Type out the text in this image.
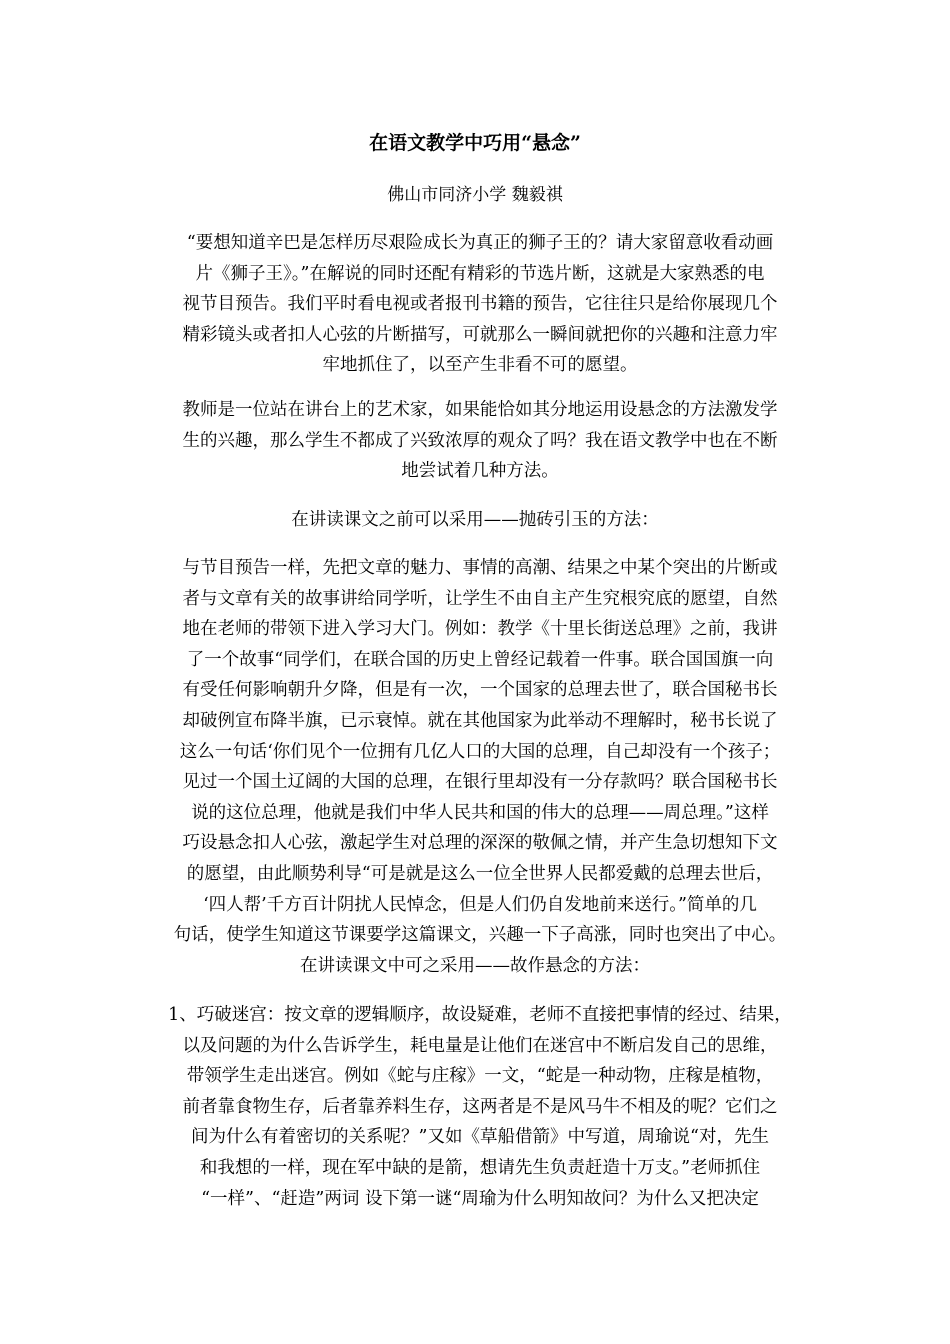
在语文教学中巧用“悬念”
佛山市同济小学 魏毅祺
“要想知道辛巴是怎样历尽艰险成长为真正的狮子王的？请大家留意收看动画
片《狮子王》。”在解说的同时还配有精彩的节选片断，这就是大家熟悉的电
视节目预告。我们平时看电视或者报刊书籍的预告，它往往只是给你展现几个
精彩镜头或者扣人心弦的片断描写，可就那么一瞬间就把你的兴趣和注意力牢
牢地抓住了，以至产生非看不可的愿望。
教师是一位站在讲台上的艺术家，如果能恰如其分地运用设悬念的方法激发学
生的兴趣，那么学生不都成了兴致浓厚的观众了吗？我在语文教学中也在不断
地尝试着几种方法。
在讲读课文之前可以采用——抛砖引玉的方法：
与节目预告一样，先把文章的魅力、事情的高潮、结果之中某个突出的片断或
者与文章有关的故事讲给同学听，让学生不由自主产生究根究底的愿望，自然
地在老师的带领下进入学习大门。例如：教学《十里长街送总理》之前，我讲
了一个故事“同学们，在联合国的历史上曾经记载着一件事。联合国国旗一向
有受任何影响朝升夕降，但是有一次，一个国家的总理去世了，联合国秘书长
却破例宣布降半旗，已示衰悼。就在其他国家为此举动不理解时，秘书长说了
这么一句话‘你们见个一位拥有几亿人口的大国的总理，自己却没有一个孩子；
见过一个国土辽阔的大国的总理，在银行里却没有一分存款吗？联合国秘书长
说的这位总理，他就是我们中华人民共和国的伟大的总理——周总理。”这样
巧设悬念扣人心弦，激起学生对总理的深深的敬佩之情，并产生急切想知下文
的愿望，由此顺势利导“可是就是这么一位全世界人民都爱戴的总理去世后，
‘四人帮’千方百计阴扰人民悼念，但是人们仍自发地前来送行。”简单的几
句话，使学生知道这节课要学这篇课文，兴趣一下子高涨，同时也突出了中心。
在讲读课文中可之采用——故作悬念的方法：
1、巧破迷宫：按文章的逻辑顺序，故设疑难，老师不直接把事情的经过、结果，
以及问题的为什么告诉学生，耗电量是让他们在迷宫中不断启发自己的思维，
带领学生走出迷宫。例如《蛇与庄稼》一文，“蛇是一种动物，庄稼是植物，
前者靠食物生存，后者靠养料生存，这两者是不是风马牛不相及的呢？它们之
间为什么有着密切的关系呢？”又如《草船借箭》中写道，周瑜说“对，先生
和我想的一样，现在军中缺的是箭，想请先生负责赶造十万支。”老师抓住
“一样”、“赶造”两词 设下第一谜“周瑜为什么明知故问？为什么又把决定
